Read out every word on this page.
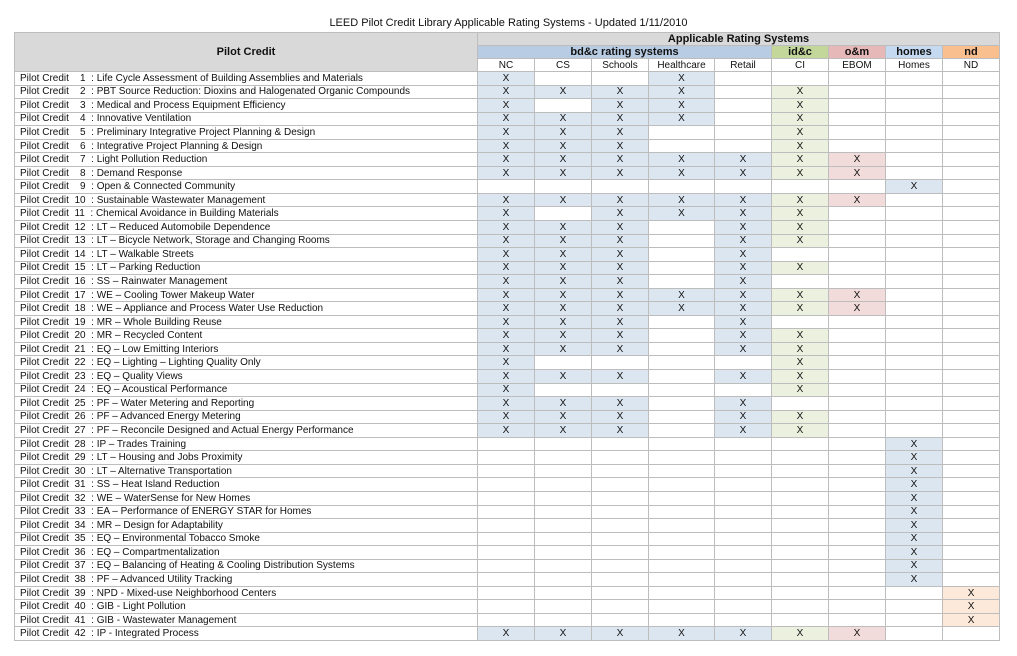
LEED Pilot Credit Library Applicable Rating Systems - Updated 1/11/2010
Pilot Credit	Applicable Rating Systems								
	bd&c rating systems					id&c	o&m	homes	nd
	NC	CS	Schools	Healthcare	Retail	CI	EBOM	Homes	ND
Pilot Credit    1  : Life Cycle Assessment of Building Assemblies and Materials	X			X					
Pilot Credit    2  : PBT Source Reduction: Dioxins and Halogenated Organic Compounds	X	X	X	X		X			
Pilot Credit    3  : Medical and Process Equipment Efficiency	X		X	X		X			
Pilot Credit    4  : Innovative Ventilation	X	X	X	X		X			
Pilot Credit    5  : Preliminary Integrative Project Planning & Design	X	X	X			X			
Pilot Credit    6  : Integrative Project Planning & Design	X	X	X			X			
Pilot Credit    7  : Light Pollution Reduction	X	X	X	X	X	X	X		
Pilot Credit    8  : Demand Response	X	X	X	X	X	X	X		
Pilot Credit    9  : Open & Connected Community								X	
Pilot Credit  10  : Sustainable Wastewater Management	X	X	X	X	X	X	X		
Pilot Credit  11  : Chemical Avoidance in Building Materials	X		X	X	X	X			
Pilot Credit  12  : LT – Reduced Automobile Dependence	X	X	X		X	X			
Pilot Credit  13  : LT – Bicycle Network, Storage and Changing Rooms	X	X	X		X	X			
Pilot Credit  14  : LT – Walkable Streets	X	X	X		X				
Pilot Credit  15  : LT – Parking Reduction	X	X	X		X	X			
Pilot Credit  16  : SS – Rainwater Management	X	X	X		X				
Pilot Credit  17  : WE – Cooling Tower Makeup Water	X	X	X	X	X	X	X		
Pilot Credit  18  : WE – Appliance and Process Water Use Reduction	X	X	X	X	X	X	X		
Pilot Credit  19  : MR – Whole Building Reuse	X	X	X		X				
Pilot Credit  20  : MR – Recycled Content	X	X	X		X	X			
Pilot Credit  21  : EQ – Low Emitting Interiors	X	X	X		X	X			
Pilot Credit  22  : EQ – Lighting – Lighting Quality Only	X					X			
Pilot Credit  23  : EQ – Quality Views	X	X	X		X	X			
Pilot Credit  24  : EQ – Acoustical Performance	X					X			
Pilot Credit  25  : PF – Water Metering and Reporting	X	X	X		X				
Pilot Credit  26  : PF – Advanced Energy Metering	X	X	X		X	X			
Pilot Credit  27  : PF – Reconcile Designed and Actual Energy Performance	X	X	X		X	X			
Pilot Credit  28  : IP – Trades Training								X	
Pilot Credit  29  : LT – Housing and Jobs Proximity								X	
Pilot Credit  30  : LT – Alternative Transportation								X	
Pilot Credit  31  : SS – Heat Island Reduction								X	
Pilot Credit  32  : WE – WaterSense for New Homes								X	
Pilot Credit  33  : EA – Performance of ENERGY STAR for Homes								X	
Pilot Credit  34  : MR – Design for Adaptability								X	
Pilot Credit  35  : EQ – Environmental Tobacco Smoke								X	
Pilot Credit  36  : EQ – Compartmentalization								X	
Pilot Credit  37  : EQ – Balancing of Heating & Cooling Distribution Systems								X	
Pilot Credit  38  : PF – Advanced Utility Tracking								X	
Pilot Credit  39  : NPD - Mixed-use Neighborhood Centers									X
Pilot Credit  40  : GIB - Light Pollution									X
Pilot Credit  41  : GIB - Wastewater Management									X
Pilot Credit  42  : IP - Integrated Process	X	X	X	X	X	X	X		
